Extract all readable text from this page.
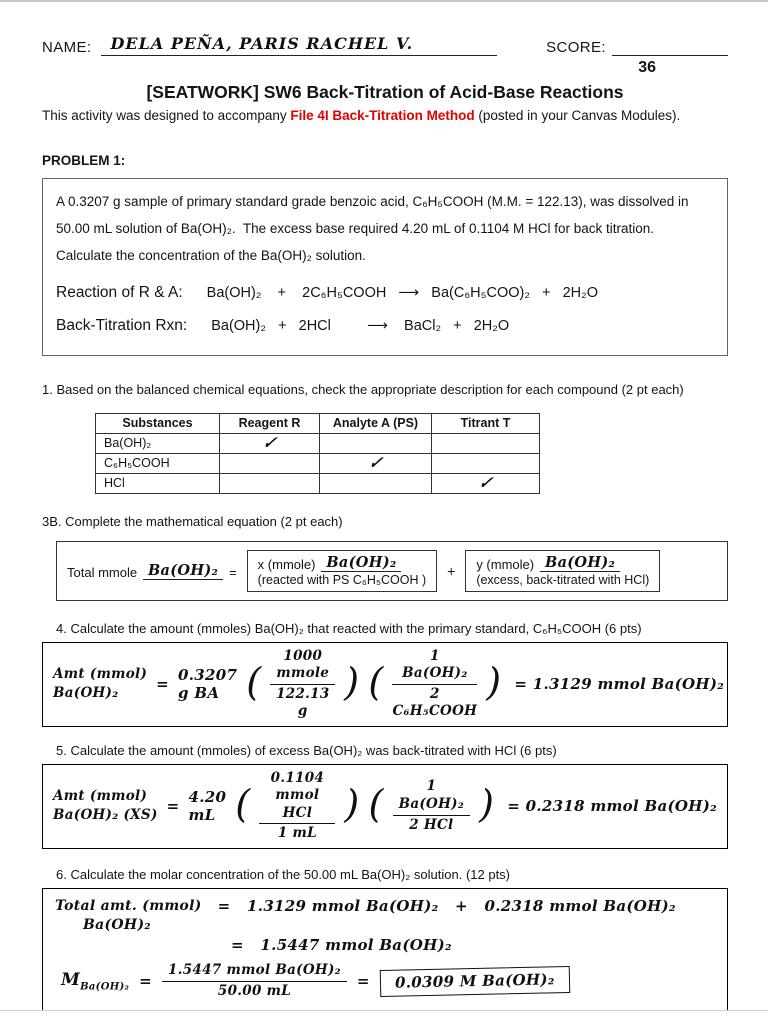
NAME:	DELA PEÑA, PARIS RACHEL V.	SCORE:
36
[SEATWORK] SW6 Back-Titration of Acid-Base Reactions

This activity was designed to accompany File 4I Back-Titration Method (posted in your Canvas Modules).

PROBLEM 1:

A 0.3207 g sample of primary standard grade benzoic acid, C₆H₅COOH (M.M. = 122.13), was dissolved in 50.00 mL solution of Ba(OH)₂.  The excess base required 4.20 mL of 0.1104 M HCl for back titration.  Calculate the concentration of the Ba(OH)₂ solution.

Reaction of R & A: Ba(OH)₂    +    2C₆H₅COOH   ⟶   Ba(C₆H₅COO)₂   +   2H₂O
Back-Titration Rxn: Ba(OH)₂   +   2HCl         ⟶    BaCl₂   +   2H₂O

1. Based on the balanced chemical equations, check the appropriate description for each compound (2 pt each)

Substances	Reagent R	Analyte A (PS)	Titrant T
Ba(OH)₂	✓		
C₆H₅COOH		✓	
HCl			✓

3B. Complete the mathematical equation (2 pt each)

Total mmole Ba(OH)₂ =
x (mmole) Ba(OH)₂
(reacted with PS C₆H₅COOH )
+ y (mmole) Ba(OH)₂
(excess, back-titrated with HCl)

4. Calculate the amount (mmoles) Ba(OH)₂ that reacted with the primary standard, C₆H₅COOH (6 pts)

Amt (mmol)
Ba(OH)₂	= 0.3207 g BA ( $\frac{\text{1000 mmole}}{122.13 g}$ ) ( $\frac{\text{1 Ba(OH)₂}}{\text{2 C₆H₅COOH}}$ ) = 1.3129 mmol Ba(OH)₂

5. Calculate the amount (mmoles) of excess Ba(OH)₂ was back-titrated with HCl (6 pts)

Amt (mmol)
Ba(OH)₂ (XS) = 4.20 mL ( $\frac{\text{0.1104 mmol HCl}}{1 mL}$ ) ( $\frac{\text{1 Ba(OH)₂}}{\text{2 HCl}}$ ) = 0.2318 mmol Ba(OH)₂

6. Calculate the molar concentration of the 50.00 mL Ba(OH)₂ solution. (12 pts)

Total amt. (mmol)
Ba(OH)₂
=   1.3129 mmol Ba(OH)₂   +   0.2318 mmol Ba(OH)₂
=   1.5447 mmol Ba(OH)₂
$M_{Ba(OH)_2} = \frac{\text{1.5447 mmol Ba(OH)₂}}{50.00 mL}$ =	0.0309 M Ba(OH)₂
